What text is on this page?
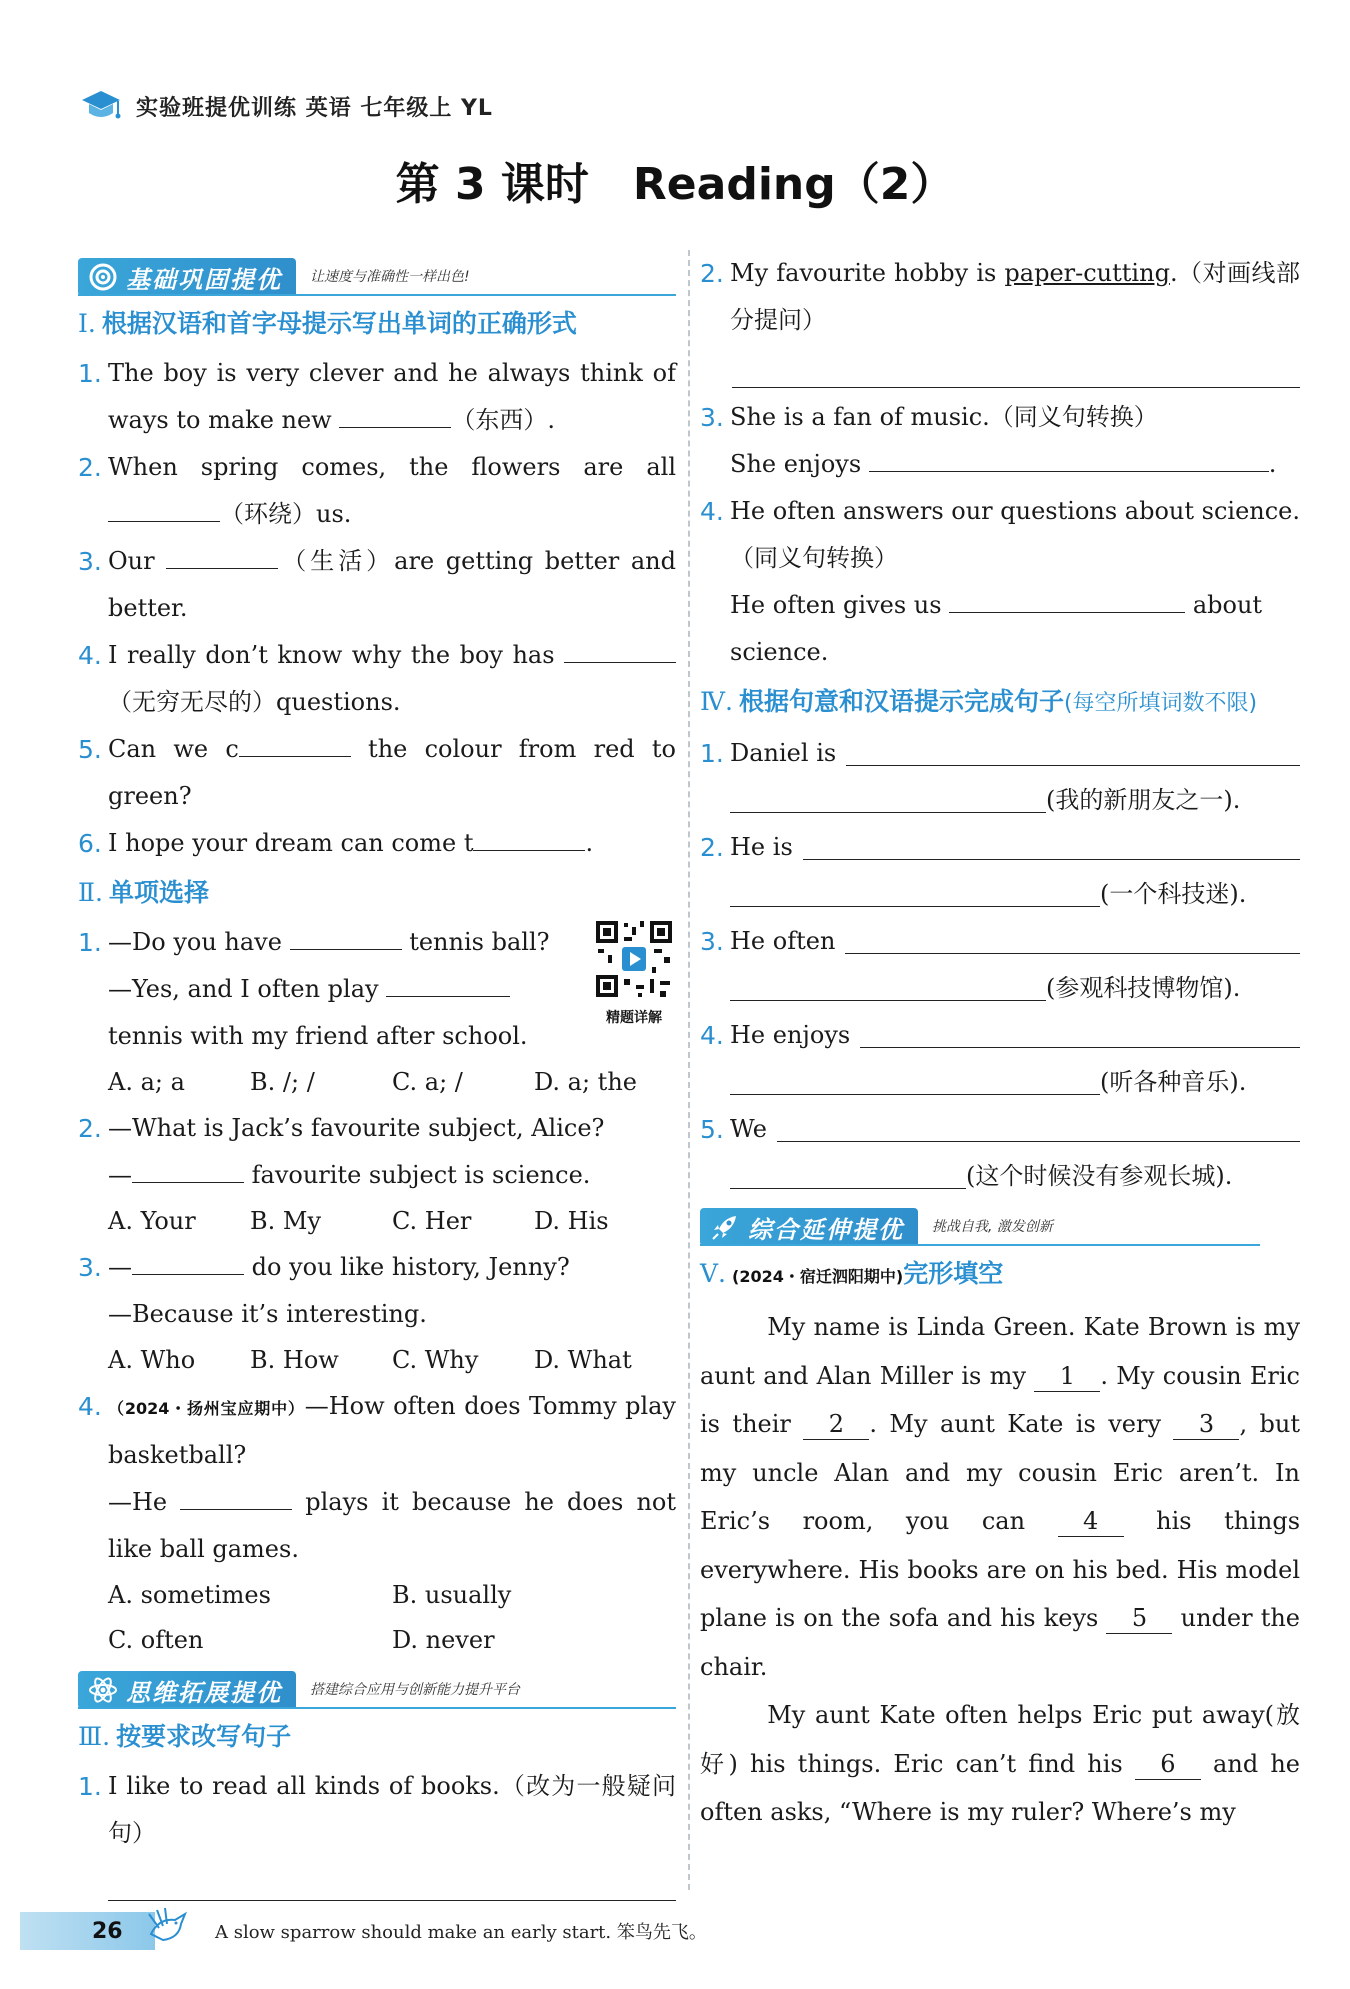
实验班提优训练 英语 七年级上 YL
第 3 课时　Reading（2）
基础巩固提优	让速度与准确性一样出色!
Ⅰ. 根据汉语和首字母提示写出单词的正确形式
1. The boy is very clever and he always think of ways to make new	（东西）.
2. When spring comes, the flowers are all （环绕）us.
3. Our	（生活）are getting better and better.
4. I really don’t know why the boy has （无穷无尽的）questions.
5. Can we c	the colour from red to green?
6. I hope your dream can come t	.
Ⅱ. 单项选择
精题详解
1. —Do you have	tennis ball?
—Yes, and I often play
tennis with my friend after school.
A. a; a	B. /; /	C. a; /	D. a; the
2. —What is Jack’s favourite subject, Alice?
—	favourite subject is science.
A. Your	B. My	C. Her	D. His
3. —	do you like history, Jenny?
—Because it’s interesting.
A. Who	B. How	C. Why	D. What
4. （2024・扬州宝应期中）—How often does Tommy play basketball?
—He	plays it because he does not like ball games.
A. sometimes	B. usually
C. often	D. never
思维拓展提优	搭建综合应用与创新能力提升平台
Ⅲ. 按要求改写句子
1. I like to read all kinds of books.（改为一般疑问句）
2. My favourite hobby is paper-cutting.（对画线部分提问）
3. She is a fan of music.（同义句转换）
She enjoys	.
4. He often answers our questions about science.（同义句转换）
He often gives us	about
science.
Ⅳ. 根据句意和汉语提示完成句子(每空所填词数不限)
1. Daniel is
(我的新朋友之一).
2. He is
(一个科技迷).
3. He often
(参观科技博物馆).
4. He enjoys
(听各种音乐).
5. We
(这个时候没有参观长城).
综合延伸提优	挑战自我, 激发创新
Ⅴ. (2024・宿迁泗阳期中)完形填空
My name is Linda Green. Kate Brown is my aunt and Alan Miller is my 1 . My cousin Eric is their 2 . My aunt Kate is very 3 , but my uncle Alan and my cousin Eric aren’t. In Eric’s room, you can 4 his things everywhere. His books are on his bed. His model plane is on the sofa and his keys 5 under the chair.
My aunt Kate often helps Eric put away(放好) his things. Eric can’t find his 6 and he often asks, “Where is my ruler? Where’s my
26	A slow sparrow should make an early start. 笨鸟先飞。
